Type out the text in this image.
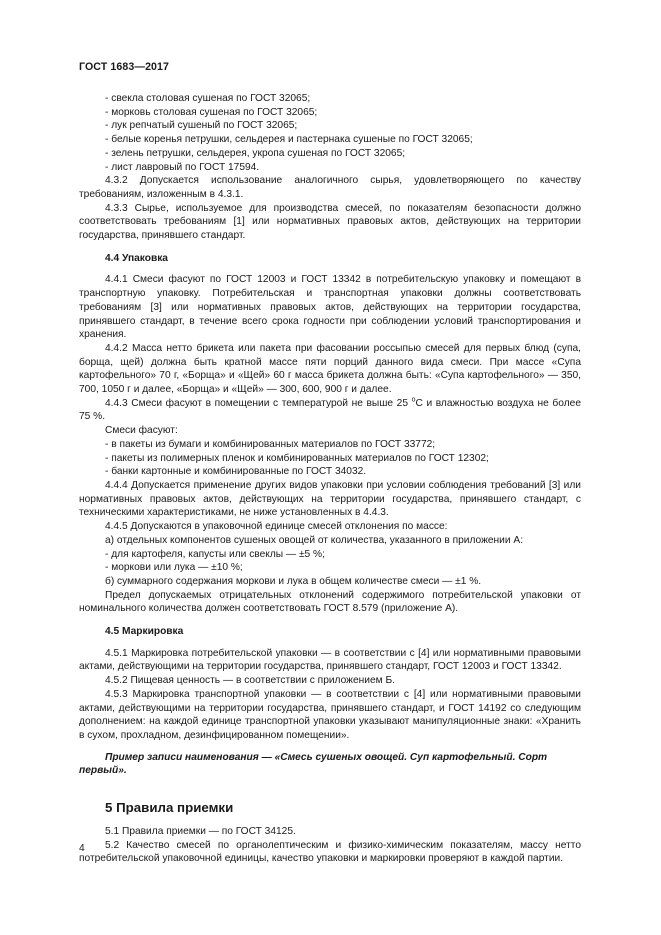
ГОСТ 1683—2017

- свекла столовая сушеная по ГОСТ 32065;

- морковь столовая сушеная по ГОСТ 32065;

- лук репчатый сушеный по ГОСТ 32065;

- белые коренья петрушки, сельдерея и пастернака сушеные по ГОСТ 32065;

- зелень петрушки, сельдерея, укропа сушеная по ГОСТ 32065;

- лист лавровый по ГОСТ 17594.

4.3.2 Допускается использование аналогичного сырья, удовлетворяющего по качеству требованиям, изложенным в 4.3.1.

4.3.3 Сырье, используемое для производства смесей, по показателям безопасности должно соответствовать требованиям [1] или нормативных правовых актов, действующих на территории государства, принявшего стандарт.

4.4 Упаковка

4.4.1 Смеси фасуют по ГОСТ 12003 и ГОСТ 13342 в потребительскую упаковку и помещают в транспортную упаковку. Потребительская и транспортная упаковки должны соответствовать требованиям [3] или нормативных правовых актов, действующих на территории государства, принявшего стандарт, в течение всего срока годности при соблюдении условий транспортирования и хранения.

4.4.2 Масса нетто брикета или пакета при фасовании россыпью смесей для первых блюд (супа, борща, щей) должна быть кратной массе пяти порций данного вида смеси. При массе «Супа картофельного» 70 г, «Борща» и «Щей» 60 г масса брикета должна быть: «Супа картофельного» — 350, 700, 1050 г и далее, «Борща» и «Щей» — 300, 600, 900 г и далее.

4.4.3 Смеси фасуют в помещении с температурой не выше 25 $^о$С и влажностью воздуха не более 75 %.

Смеси фасуют:

- в пакеты из бумаги и комбинированных материалов по ГОСТ 33772;

- пакеты из полимерных пленок и комбинированных материалов по ГОСТ 12302;

- банки картонные и комбинированные по ГОСТ 34032.

4.4.4 Допускается применение других видов упаковки при условии соблюдения требований [3] или нормативных правовых актов, действующих на территории государства, принявшего стандарт, с техническими характеристиками, не ниже установленных в 4.4.3.

4.4.5 Допускаются в упаковочной единице смесей отклонения по массе:

а) отдельных компонентов сушеных овощей от количества, указанного в приложении А:

- для картофеля, капусты или свеклы — ±5 %;

- моркови или лука — ±10 %;

б) суммарного содержания моркови и лука в общем количестве смеси — ±1 %.

Предел допускаемых отрицательных отклонений содержимого потребительской упаковки от номинального количества должен соответствовать ГОСТ 8.579 (приложение А).

4.5 Маркировка

4.5.1 Маркировка потребительской упаковки — в соответствии с [4] или нормативными правовыми актами, действующими на территории государства, принявшего стандарт, ГОСТ 12003 и ГОСТ 13342.

4.5.2 Пищевая ценность — в соответствии с приложением Б.

4.5.3 Маркировка транспортной упаковки — в соответствии с [4] или нормативными правовыми актами, действующими на территории государства, принявшего стандарт, и ГОСТ 14192 со следующим дополнением: на каждой единице транспортной упаковки указывают манипуляционные знаки: «Хранить в сухом, прохладном, дезинфицированном помещении».

Пример записи наименования — «Смесь сушеных овощей. Суп картофельный. Сорт первый».

5 Правила приемки

5.1 Правила приемки — по ГОСТ 34125.

5.2 Качество смесей по органолептическим и физико-химическим показателям, массу нетто потребительской упаковочной единицы, качество упаковки и маркировки проверяют в каждой партии.

4
